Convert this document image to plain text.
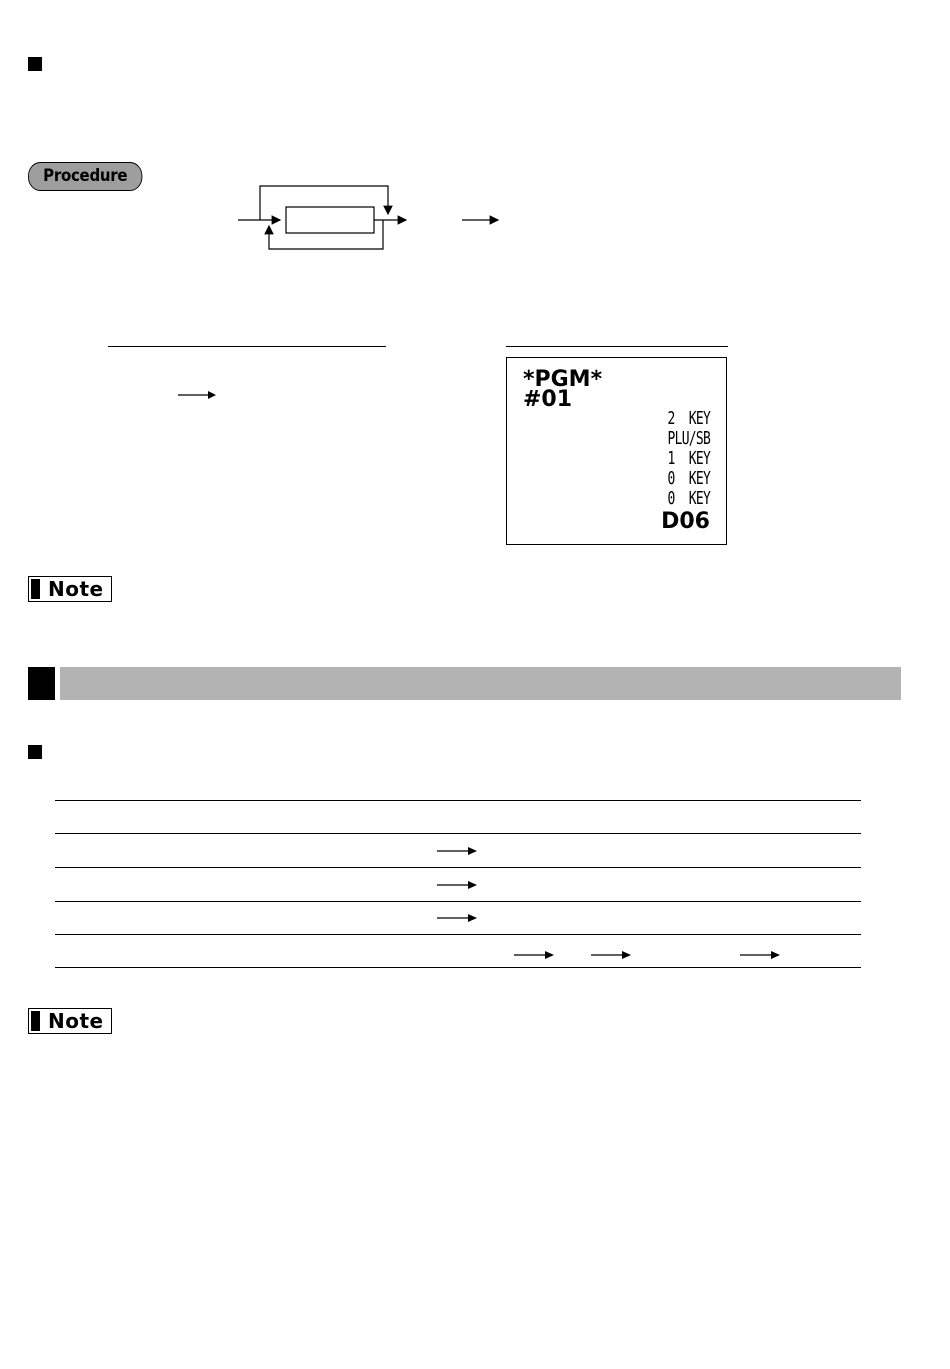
Procedure
*PGM*
#01
2  KEY
PLU/SB
1  KEY
0  KEY
0  KEY
D06
Note
Note
